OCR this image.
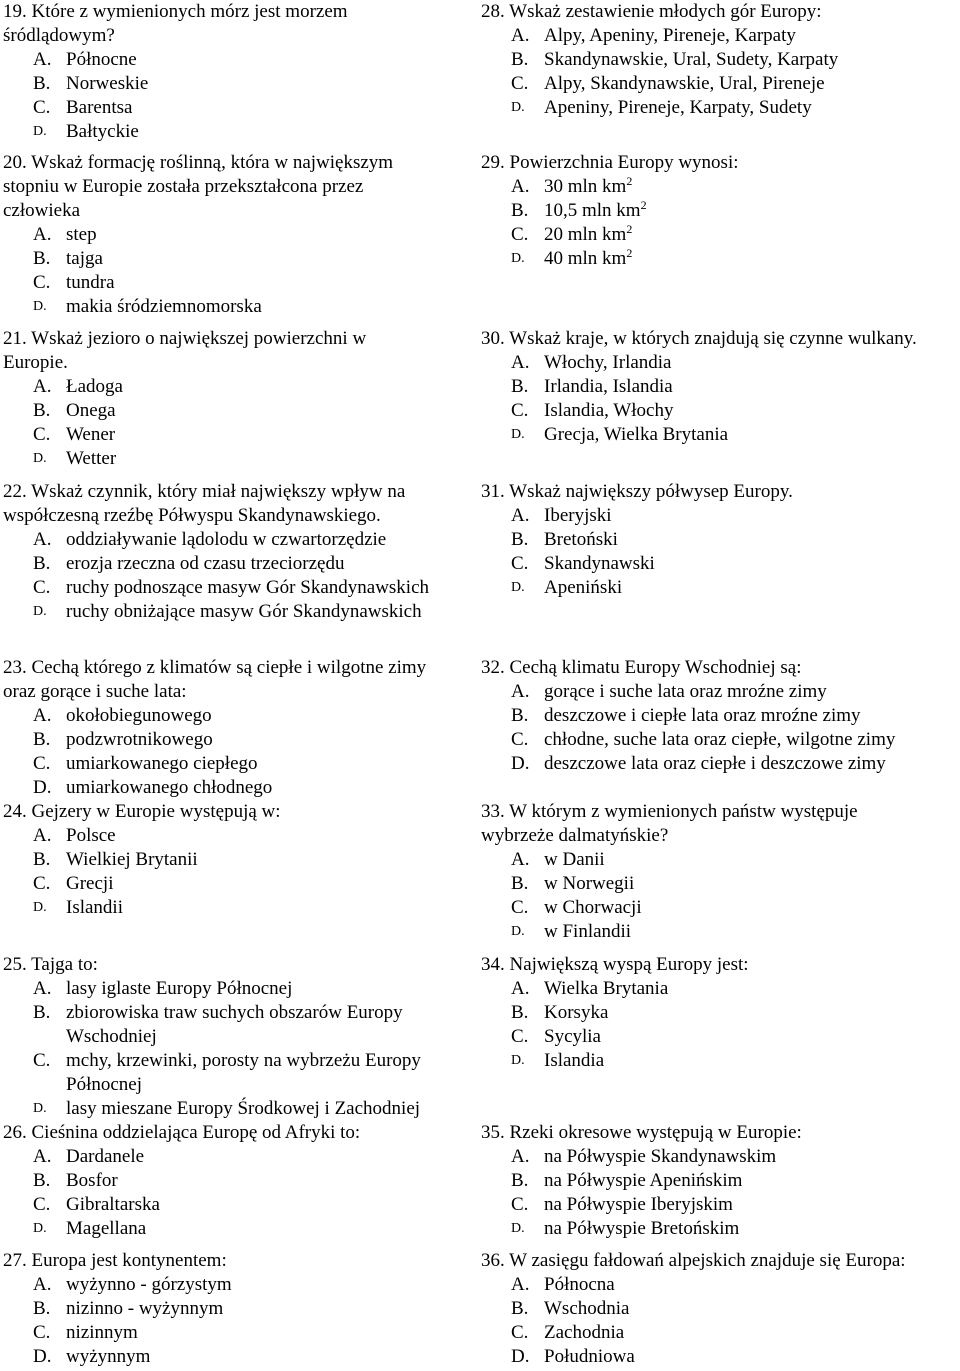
19. Które z wymienionych mórz jest morzem śródlądowym?

A. Północne
B. Norweskie
C. Barentsa
D.	Bałtyckie

20. Wskaż formację roślinną, która w największym stopniu w Europie została przekształcona przez człowieka

A. step
B. tajga
C. tundra
D.	makia śródziemnomorska

21. Wskaż jezioro o największej powierzchni w Europie.

A. Ładoga
B. Onega
C. Wener
D.	Wetter

22. Wskaż czynnik, który miał największy wpływ na współczesną rzeźbę Półwyspu Skandynawskiego.

A. oddziaływanie lądolodu w czwartorzędzie
B. erozja rzeczna od czasu trzeciorzędu
C. ruchy podnoszące masyw Gór Skandynawskich
D.	ruchy obniżające masyw Gór Skandynawskich

23. Cechą którego z klimatów są ciepłe i wilgotne zimy oraz gorące i suche lata:

A. okołobiegunowego
B. podzwrotnikowego
C. umiarkowanego ciepłego
D. umiarkowanego chłodnego

24. Gejzery w Europie występują w:

A. Polsce
B. Wielkiej Brytanii
C. Grecji
D.	Islandii

25. Tajga to:

A. lasy iglaste Europy Północnej
B. zbiorowiska traw suchych obszarów Europy Wschodniej
C. mchy, krzewinki, porosty na wybrzeżu Europy Północnej
D.	lasy mieszane Europy Środkowej i Zachodniej

26. Cieśnina oddzielająca Europę od Afryki to:

A. Dardanele
B. Bosfor
C. Gibraltarska
D.	Magellana

27. Europa jest kontynentem:

A. wyżynno - górzystym
B. nizinno - wyżynnym
C. nizinnym
D. wyżynnym

28. Wskaż zestawienie młodych gór Europy:

A. Alpy, Apeniny, Pireneje, Karpaty
B. Skandynawskie, Ural, Sudety, Karpaty
C. Alpy, Skandynawskie, Ural, Pireneje
D.	Apeniny, Pireneje, Karpaty, Sudety

29. Powierzchnia Europy wynosi:

A. 30 mln $km^2$
B. 10,5 mln $km^2$
C. 20 mln $km^2$
D.	40 mln $km^2$

30. Wskaż kraje, w których znajdują się czynne wulkany.

A. Włochy, Irlandia
B. Irlandia, Islandia
C. Islandia, Włochy
D.	Grecja, Wielka Brytania

31. Wskaż największy półwysep Europy.

A. Iberyjski
B. Bretoński
C. Skandynawski
D.	Apeniński

32. Cechą klimatu Europy Wschodniej są:

A. gorące i suche lata oraz mroźne zimy
B. deszczowe i ciepłe lata oraz mroźne zimy
C. chłodne, suche lata oraz ciepłe, wilgotne zimy
D. deszczowe lata oraz ciepłe i deszczowe zimy

33. W którym z wymienionych państw występuje wybrzeże dalmatyńskie?

A. w Danii
B. w Norwegii
C. w Chorwacji
D.	w Finlandii

34. Największą wyspą Europy jest:

A. Wielka Brytania
B. Korsyka
C. Sycylia
D.	Islandia

35. Rzeki okresowe występują w Europie:

A. na Półwyspie Skandynawskim
B. na Półwyspie Apenińskim
C. na Półwyspie Iberyjskim
D.	na Półwyspie Bretońskim

36. W zasięgu fałdowań alpejskich znajduje się Europa:

A. Północna
B. Wschodnia
C. Zachodnia
D. Południowa
